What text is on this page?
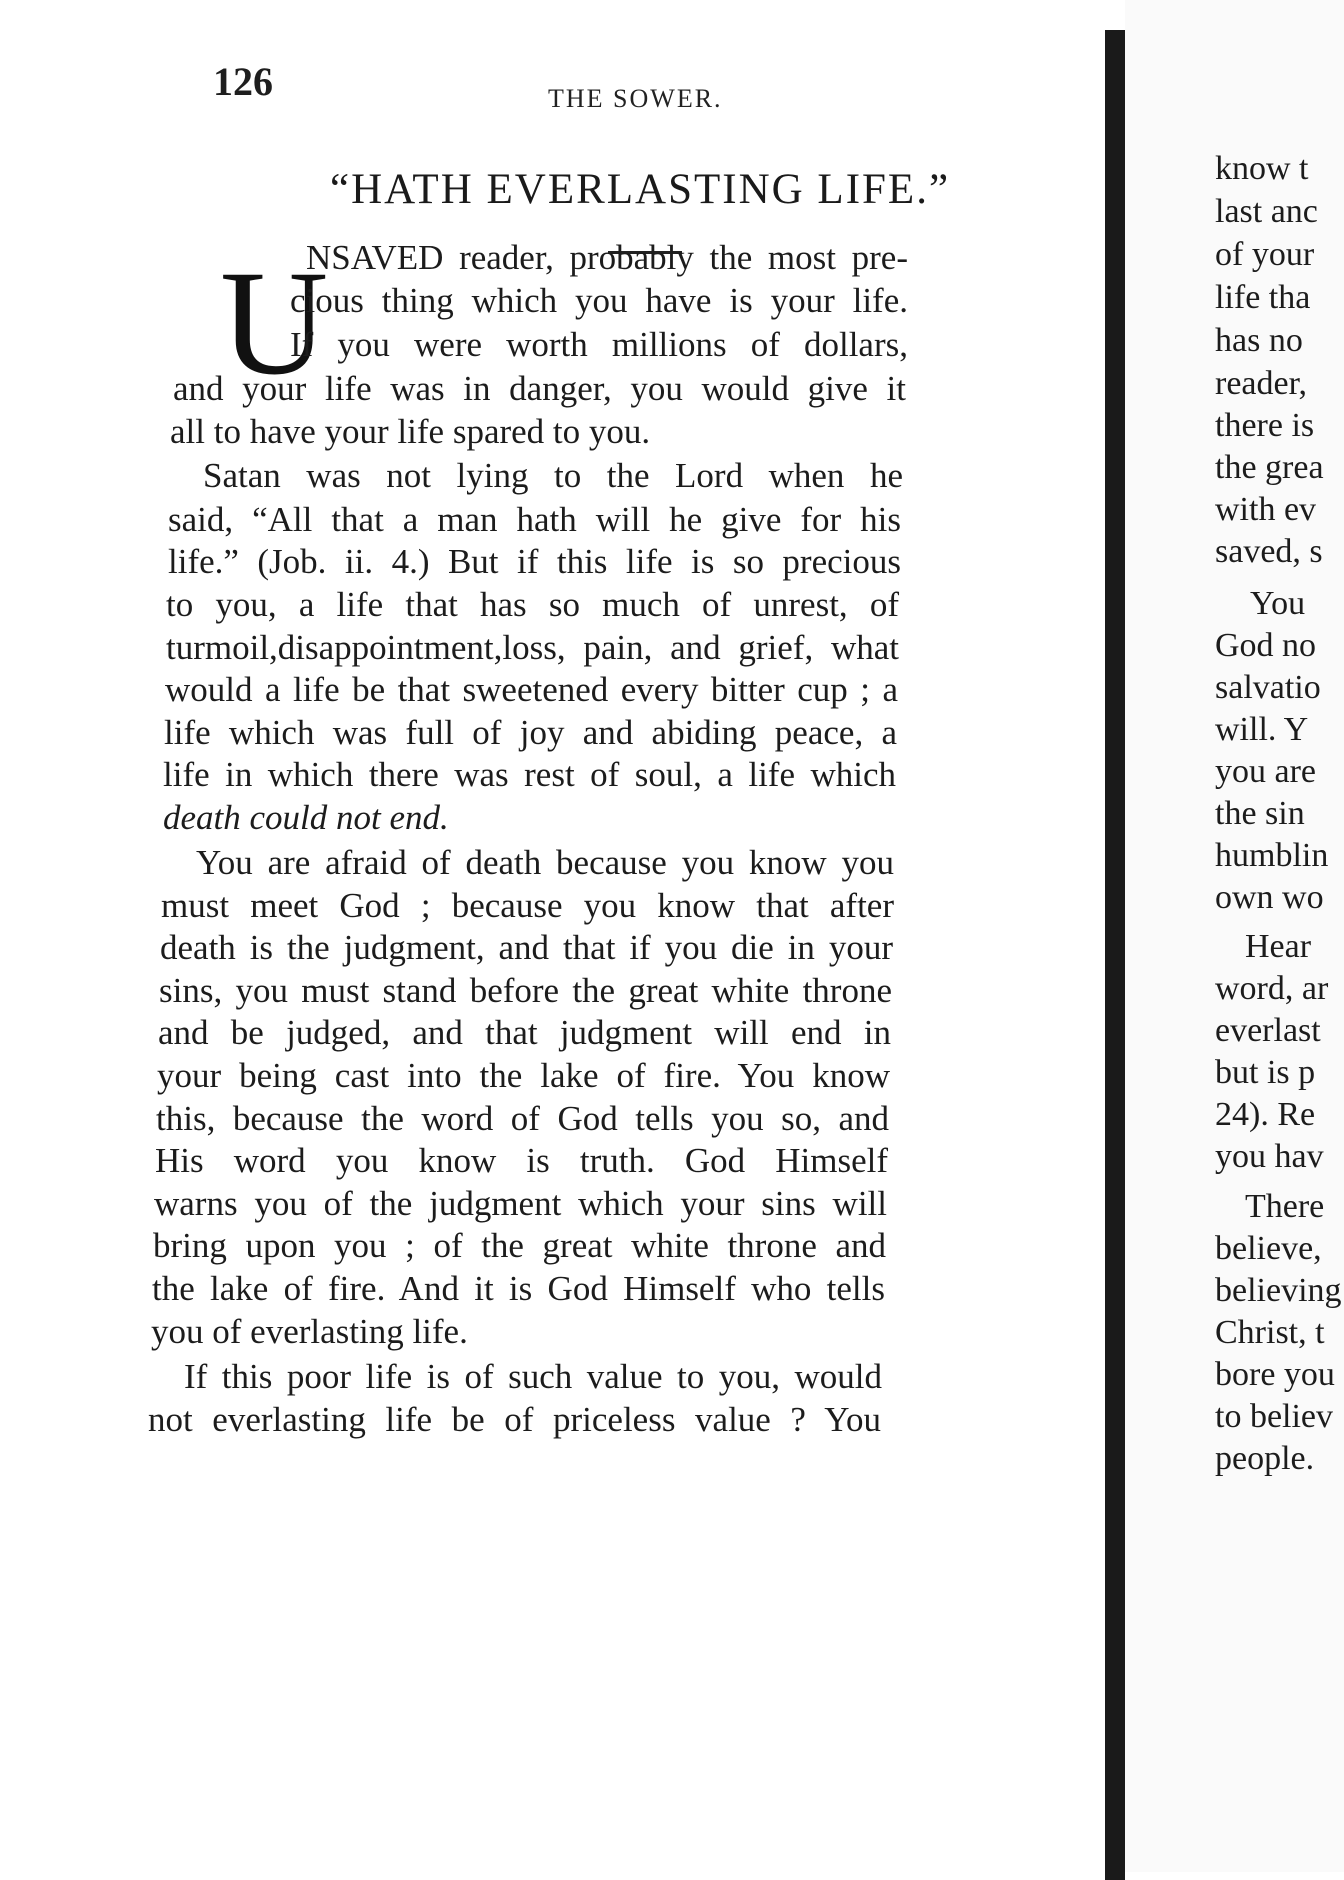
126	THE SOWER.
“HATH EVERLASTING LIFE.”
U
NSAVED reader, probably the most pre-
cious thing which you have is your life.
If you were worth millions of dollars,
and your life was in danger, you would give it
all to have your life spared to you.
Satan was not lying to the Lord when he
said, “All that a man hath will he give for his
life.” (Job. ii. 4.) But if this life is so precious
to you, a life that has so much of unrest, of
turmoil,disappointment,loss, pain, and grief, what
would a life be that sweetened every bitter cup ; a
life which was full of joy and abiding peace, a
life in which there was rest of soul, a life which
death could not end.
You are afraid of death because you know you
must meet God ; because you know that after
death is the judgment, and that if you die in your
sins, you must stand before the great white throne
and be judged, and that judgment will end in
your being cast into the lake of fire. You know
this, because the word of God tells you so, and
His word you know is truth. God Himself
warns you of the judgment which your sins will
bring upon you ; of the great white throne and
the lake of fire. And it is God Himself who tells
you of everlasting life.
If this poor life is of such value to you, would
not everlasting life be of priceless value ? You
know t
last anc
of your
life tha
has no
reader,
there is
the grea
with ev
saved, s
You
God no
salvatio
will. Y
you are
the sin
humblin
own wo
Hear
word, ar
everlast
but is p
24). Re
you hav
There
believe,
believing
Christ, t
bore you
to believ
people.
